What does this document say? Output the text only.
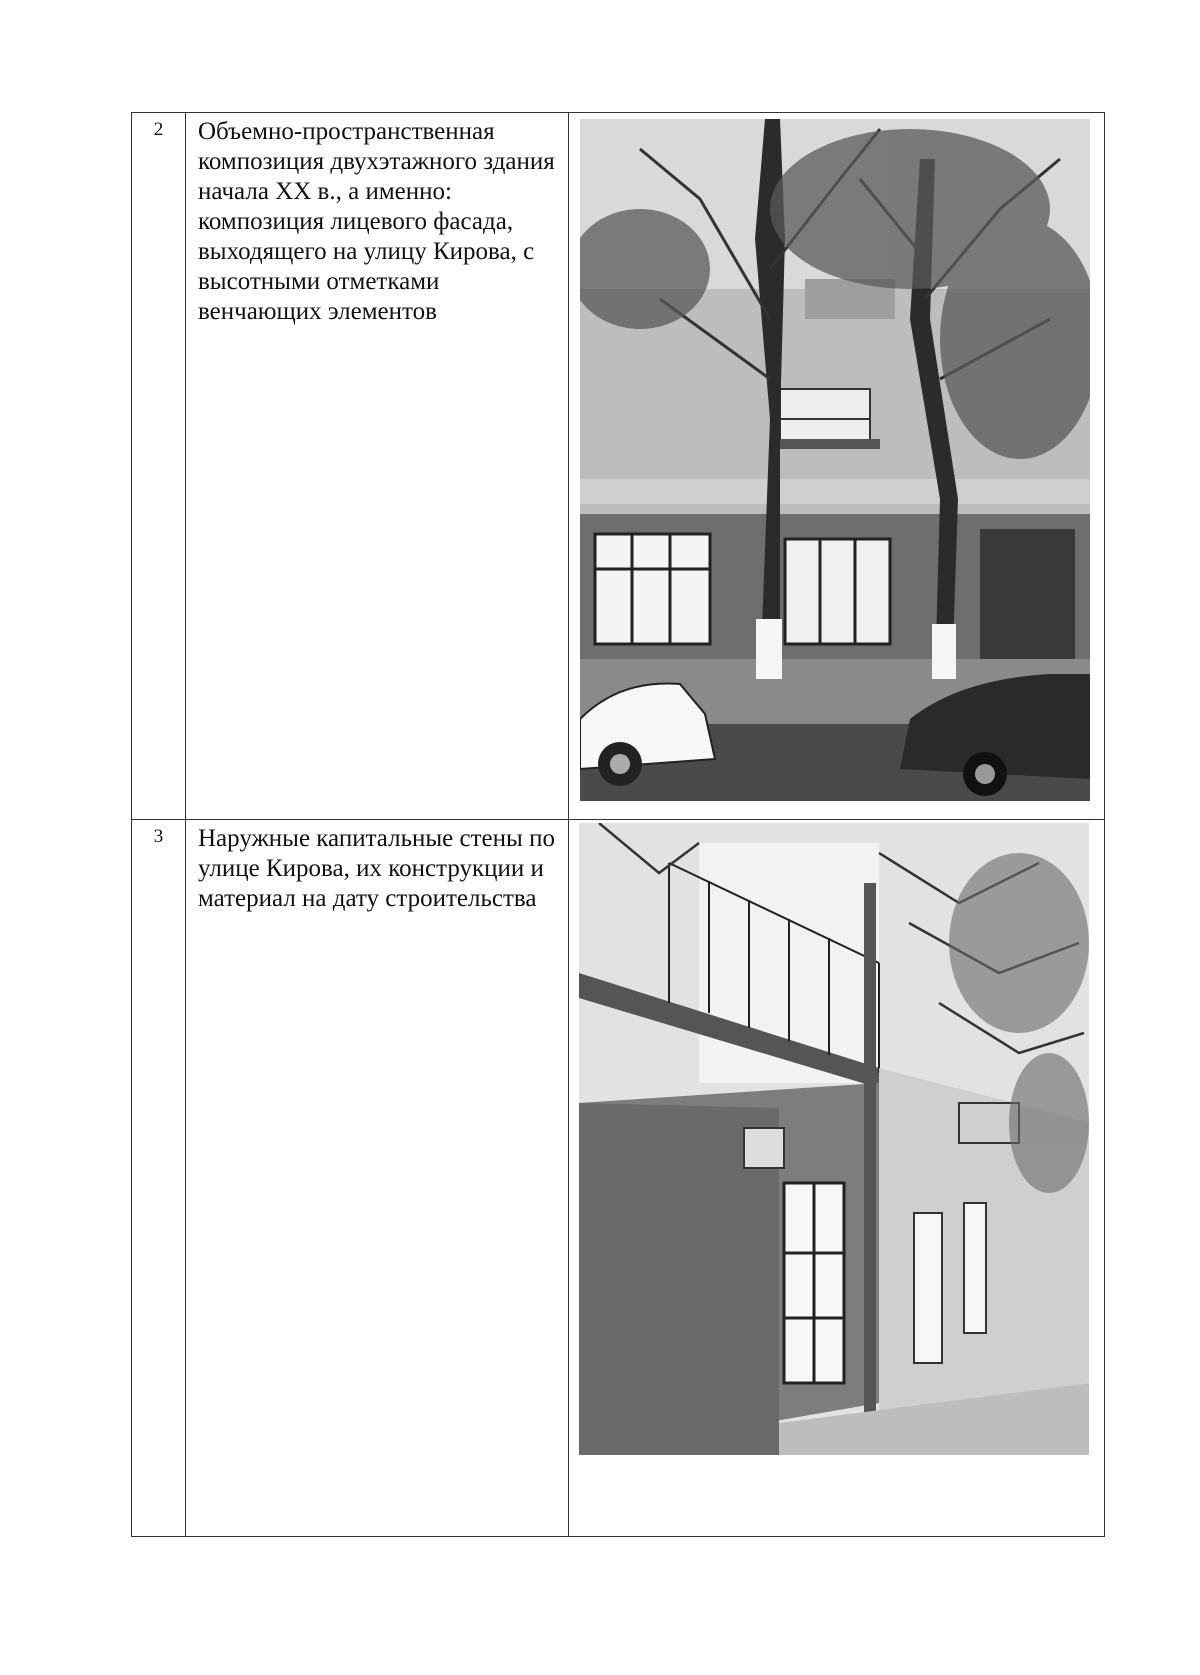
2	Объемно-пространственная композиция двухэтажного здания начала XX в., а именно: композиция лицевого фасада, выходящего на улицу Кирова, с высотными отметками венчающих элементов	

3	Наружные капитальные стены по улице Кирова, их конструкции и материал на дату строительства	
